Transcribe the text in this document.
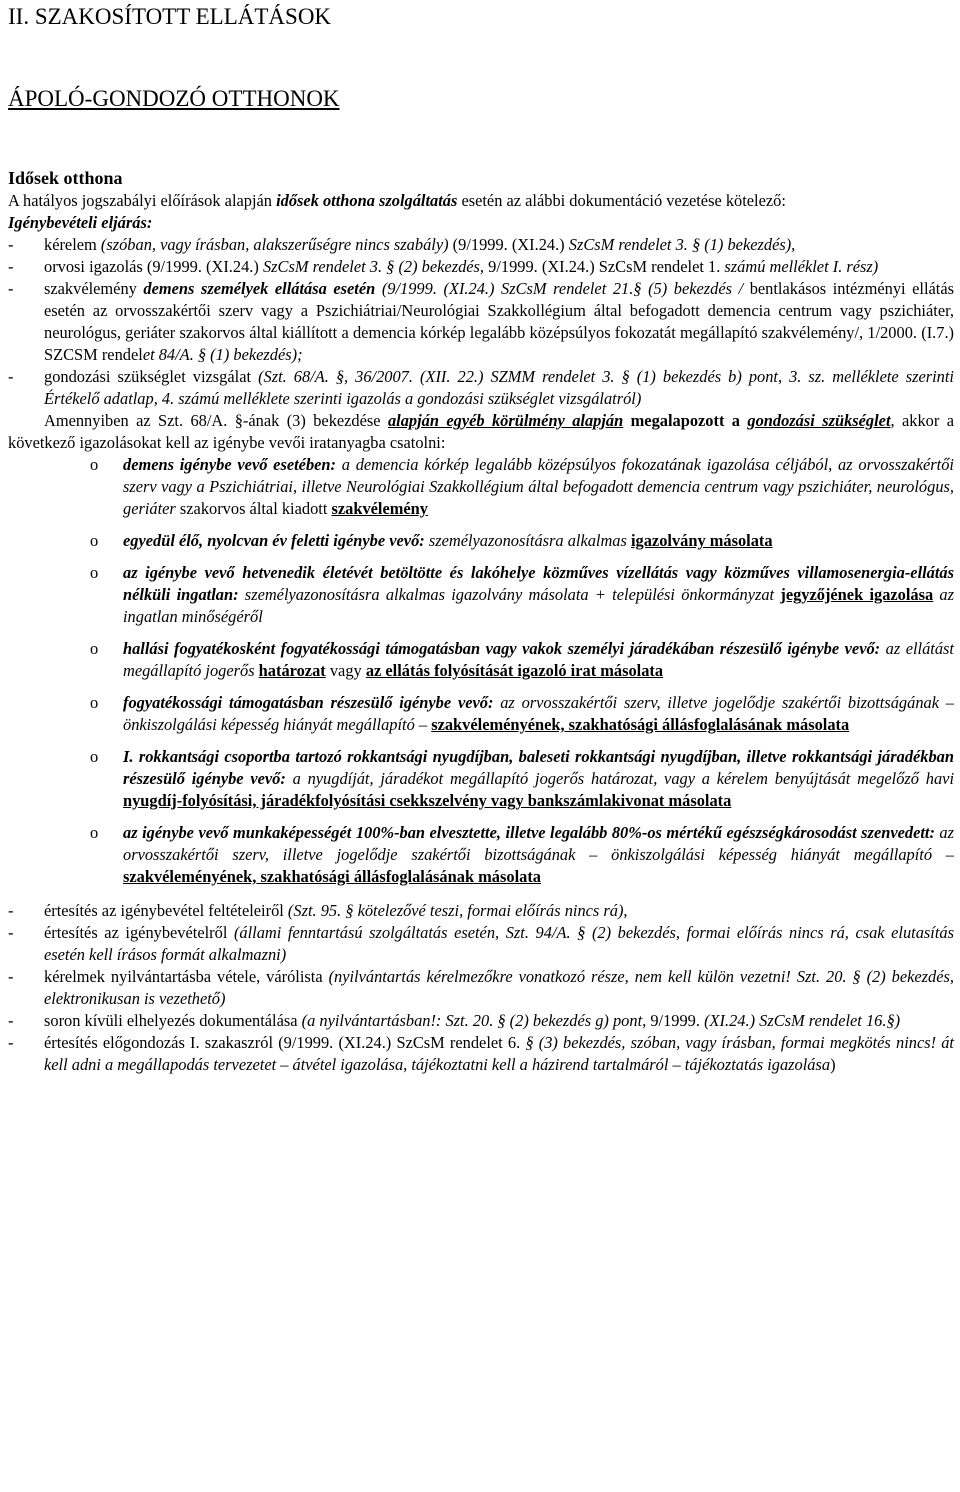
II. SZAKOSÍTOTT ELLÁTÁSOK
ÁPOLÓ-GONDOZÓ OTTHONOK
Idősek otthona

A hatályos jogszabályi előírások alapján idősek otthona szolgáltatás esetén az alábbi dokumentáció vezetése kötelező:

Igénybevételi eljárás:

- kérelem (szóban, vagy írásban, alakszerűségre nincs szabály) (9/1999. (XI.24.) SzCsM rendelet 3. § (1) bekezdés),
- orvosi igazolás (9/1999. (XI.24.) SzCsM rendelet 3. § (2) bekezdés, 9/1999. (XI.24.) SzCsM rendelet 1. számú melléklet I. rész)
- szakvélemény demens személyek ellátása esetén (9/1999. (XI.24.) SzCsM rendelet 21.§ (5) bekezdés / bentlakásos intézményi ellátás esetén az orvosszakértői szerv vagy a Pszichiátriai/Neurológiai Szakkollégium által befogadott demencia centrum vagy pszichiáter, neurológus, geriáter szakorvos által kiállított a demencia kórkép legalább középsúlyos fokozatát megállapító szakvélemény/, 1/2000. (I.7.) SZCSM rendelet 84/A. § (1) bekezdés);
- gondozási szükséglet vizsgálat (Szt. 68/A. §, 36/2007. (XII. 22.) SZMM rendelet 3. § (1) bekezdés b) pont, 3. sz. melléklete szerinti Értékelő adatlap, 4. számú melléklete szerinti igazolás a gondozási szükséglet vizsgálatról)

Amennyiben az Szt. 68/A. §-ának (3) bekezdése alapján egyéb körülmény alapján megalapozott a gondozási szükséglet, akkor a következő igazolásokat kell az igénybe vevői iratanyagba csatolni:

o demens igénybe vevő esetében: a demencia kórkép legalább középsúlyos fokozatának igazolása céljából, az orvosszakértői szerv vagy a Pszichiátriai, illetve Neurológiai Szakkollégium által befogadott demencia centrum vagy pszichiáter, neurológus, geriáter szakorvos által kiadott szakvélemény
o egyedül élő, nyolcvan év feletti igénybe vevő: személyazonosításra alkalmas igazolvány másolata
o az igénybe vevő hetvenedik életévét betöltötte és lakóhelye közműves vízellátás vagy közműves villamosenergia-ellátás nélküli ingatlan: személyazonosításra alkalmas igazolvány másolata + települési önkormányzat jegyzőjének igazolása az ingatlan minőségéről
o hallási fogyatékosként fogyatékossági támogatásban vagy vakok személyi járadékában részesülő igénybe vevő: az ellátást megállapító jogerős határozat vagy az ellátás folyósítását igazoló irat másolata
o fogyatékossági támogatásban részesülő igénybe vevő: az orvosszakértői szerv, illetve jogelődje szakértői bizottságának – önkiszolgálási képesség hiányát megállapító – szakvéleményének, szakhatósági állásfoglalásának másolata
o I. rokkantsági csoportba tartozó rokkantsági nyugdíjban, baleseti rokkantsági nyugdíjban, illetve rokkantsági járadékban részesülő igénybe vevő: a nyugdíját, járadékot megállapító jogerős határozat, vagy a kérelem benyújtását megelőző havi nyugdíj-folyósítási, járadékfolyósítási csekkszelvény vagy bankszámlakivonat másolata
o az igénybe vevő munkaképességét 100%-ban elvesztette, illetve legalább 80%-os mértékű egészségkárosodást szenvedett: az orvosszakértői szerv, illetve jogelődje szakértői bizottságának – önkiszolgálási képesség hiányát megállapító – szakvéleményének, szakhatósági állásfoglalásának másolata
- értesítés az igénybevétel feltételeiről (Szt. 95. § kötelezővé teszi, formai előírás nincs rá),
- értesítés az igénybevételről (állami fenntartású szolgáltatás esetén, Szt. 94/A. § (2) bekezdés, formai előírás nincs rá, csak elutasítás esetén kell írásos formát alkalmazni)
- kérelmek nyilvántartásba vétele, várólista (nyilvántartás kérelmezőkre vonatkozó része, nem kell külön vezetni! Szt. 20. § (2) bekezdés, elektronikusan is vezethető)
- soron kívüli elhelyezés dokumentálása (a nyilvántartásban!: Szt. 20. § (2) bekezdés g) pont, 9/1999. (XI.24.) SzCsM rendelet 16.§)
- értesítés előgondozás I. szakaszról (9/1999. (XI.24.) SzCsM rendelet 6. § (3) bekezdés, szóban, vagy írásban, formai megkötés nincs! át kell adni a megállapodás tervezetet – átvétel igazolása, tájékoztatni kell a házirend tartalmáról – tájékoztatás igazolása)
